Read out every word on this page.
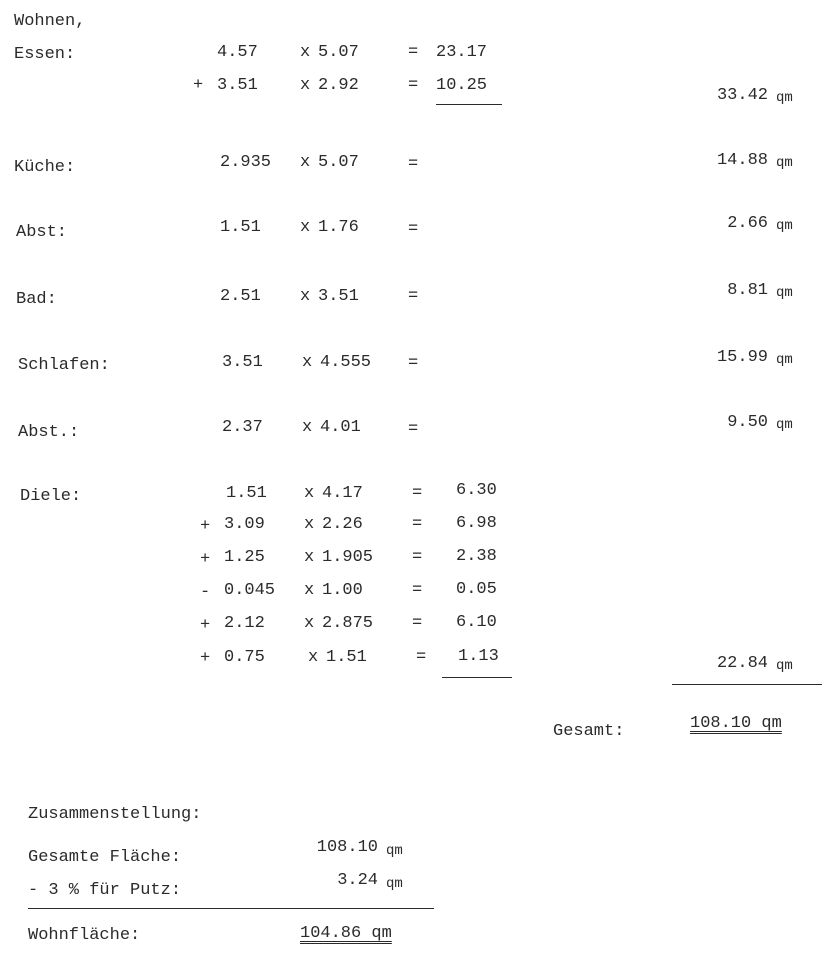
Wohnen,
Essen:	4.57 x 5.07	= 23.17
+ 3.51 x 2.92	= 10.25
33.42 qm
Küche:	2.935 x 5.07	=	14.88 qm
Abst:	1.51 x 1.76	=	2.66 qm
Bad:	2.51 x 3.51	=	8.81 qm
Schlafen:	3.51 x 4.555 =	15.99 qm
Abst.:	2.37 x 4.01	=	9.50 qm
Diele:	1.51 x 4.17	= 6.30
+ 3.09 x 2.26	= 6.98
+ 1.25 x 1.905 = 2.38
- 0.045 x 1.00	= 0.05
+ 2.12 x 2.875 = 6.10
+ 0.75	x 1.51	= 1.13	22.84 qm
Gesamt:	108.10 qm
Zusammenstellung:
Gesamte Fläche:
108.10 qm
- 3 % für Putz:
3.24 qm
Wohnfläche:	104.86 qm
